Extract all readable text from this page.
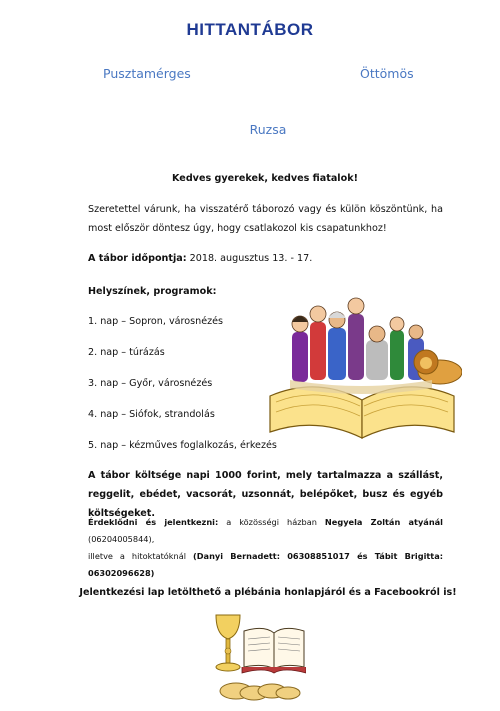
HITTANTÁBOR
Pusztamérges	Öttömös
Ruzsa
Kedves gyerekek, kedves fiatalok!
Szeretettel várunk, ha visszatérő táborozó vagy és külön köszöntünk, ha most először döntesz úgy, hogy csatlakozol kis csapatunkhoz!
A tábor időpontja: 2018. augusztus 13. - 17.
Helyszínek, programok:
1. nap – Sopron, városnézés
2. nap – túrázás
3. nap – Győr, városnézés
4. nap – Siófok, strandolás
5. nap – kézműves foglalkozás, érkezés
A tábor költsége napi 1000 forint, mely tartalmazza a szállást, reggelit, ebédet, vacsorát, uzsonnát, belépőket, busz és egyéb költségeket.
Érdeklődni és jelentkezni: a közösségi házban Negyela Zoltán atyánál (06204005844),
illetve a hitoktatóknál (Danyi Bernadett: 06308851017 és Tábit Brigitta: 06302096628)
Jelentkezési lap letölthető a plébánia honlapjáról és a Facebookról is!
